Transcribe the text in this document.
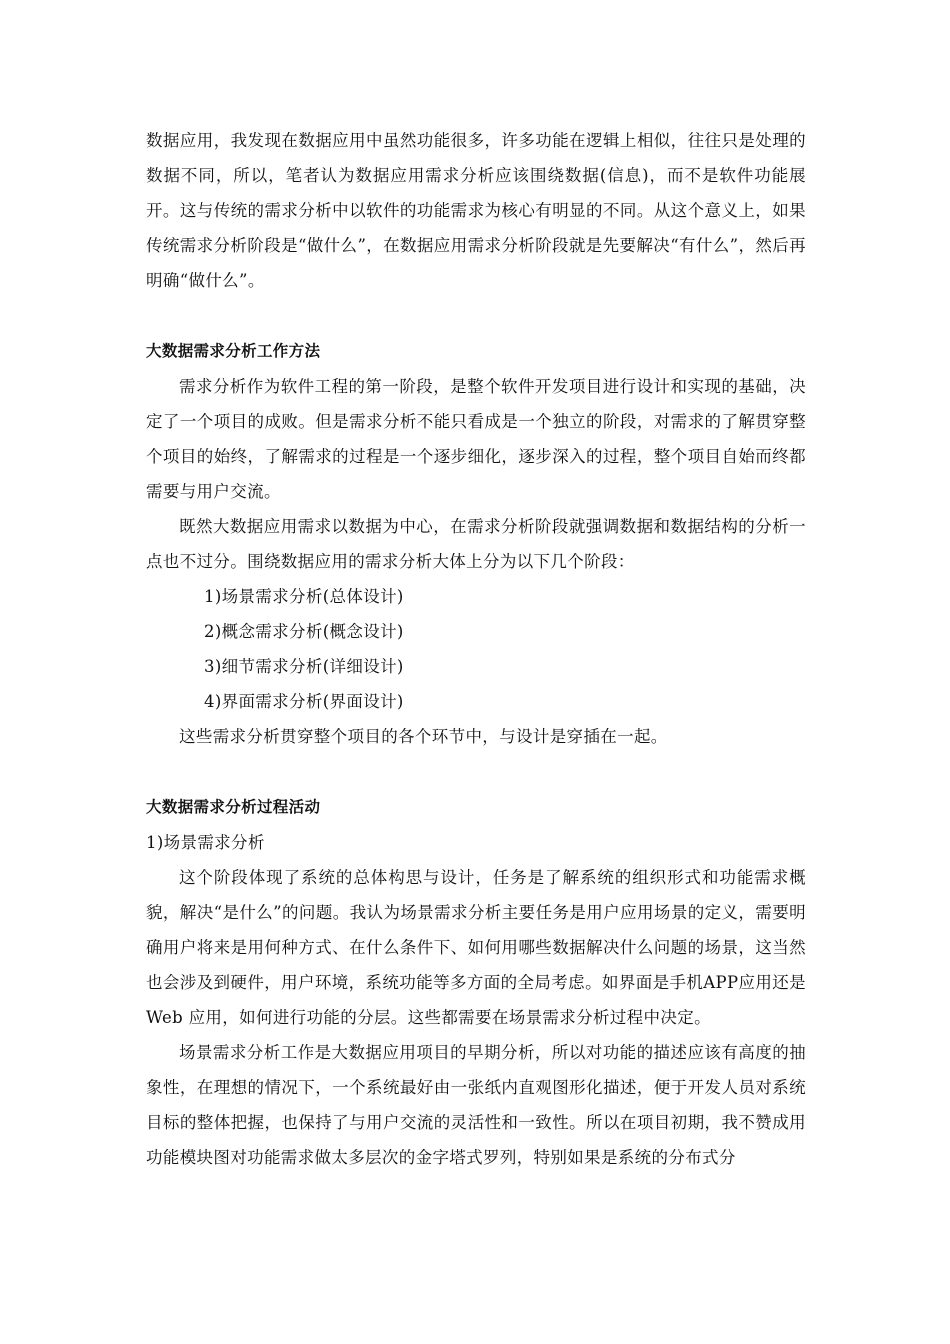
数据应用，我发现在数据应用中虽然功能很多，许多功能在逻辑上相似，往往只是处理的数据不同，所以，笔者认为数据应用需求分析应该围绕数据(信息)，而不是软件功能展开。这与传统的需求分析中以软件的功能需求为核心有明显的不同。从这个意义上，如果传统需求分析阶段是“做什么”，在数据应用需求分析阶段就是先要解决“有什么”，然后再明确“做什么”。

大数据需求分析工作方法

需求分析作为软件工程的第一阶段，是整个软件开发项目进行设计和实现的基础，决定了一个项目的成败。但是需求分析不能只看成是一个独立的阶段，对需求的了解贯穿整个项目的始终，了解需求的过程是一个逐步细化，逐步深入的过程，整个项目自始而终都需要与用户交流。

既然大数据应用需求以数据为中心，在需求分析阶段就强调数据和数据结构的分析一点也不过分。围绕数据应用的需求分析大体上分为以下几个阶段：

1)场景需求分析(总体设计)
2)概念需求分析(概念设计)
3)细节需求分析(详细设计)
4)界面需求分析(界面设计)

这些需求分析贯穿整个项目的各个环节中，与设计是穿插在一起。

大数据需求分析过程活动

1)场景需求分析

这个阶段体现了系统的总体构思与设计，任务是了解系统的组织形式和功能需求概貌，解决“是什么”的问题。我认为场景需求分析主要任务是用户应用场景的定义，需要明确用户将来是用何种方式、在什么条件下、如何用哪些数据解决什么问题的场景，这当然也会涉及到硬件，用户环境，系统功能等多方面的全局考虑。如界面是手机APP应用还是Web 应用，如何进行功能的分层。这些都需要在场景需求分析过程中决定。

场景需求分析工作是大数据应用项目的早期分析，所以对功能的描述应该有高度的抽象性，在理想的情况下，一个系统最好由一张纸内直观图形化描述，便于开发人员对系统目标的整体把握，也保持了与用户交流的灵活性和一致性。所以在项目初期，我不赞成用功能模块图对功能需求做太多层次的金字塔式罗列，特别如果是系统的分布式分
